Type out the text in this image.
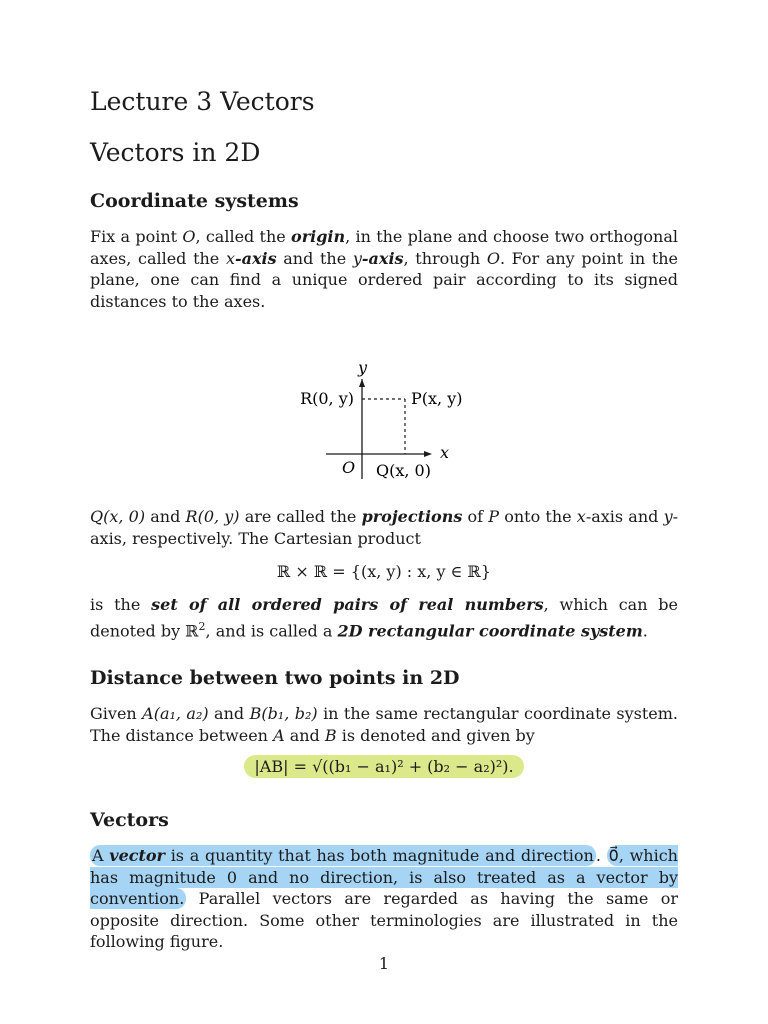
Lecture 3 Vectors
Vectors in 2D
Coordinate systems

Fix a point O, called the origin, in the plane and choose two orthogonal axes, called the x-axis and the y-axis, through O. For any point in the plane, one can find a unique ordered pair according to its signed distances to the axes.

y
x
R(0, y)	P(x, y)
O Q(x, 0)

Q(x, 0) and R(0, y) are called the projections of P onto the x-axis and y-axis, respectively. The Cartesian product

ℝ × ℝ = {(x, y) : x, y ∈ ℝ}

is the set of all ordered pairs of real numbers, which can be denoted by ℝ$^2$, and is called a 2D rectangular coordinate system.

Distance between two points in 2D

Given A(a₁, a₂) and B(b₁, b₂) in the same rectangular coordinate system. The distance between A and B is denoted and given by

|AB| = √((b₁ − a₁)² + (b₂ − a₂)²).
Vectors

A vector is a quantity that has both magnitude and direction . 0⃗, which has magnitude 0 and no direction, is also treated as a vector by convention. Parallel vectors are regarded as having the same or opposite direction. Some other terminologies are illustrated in the following figure.

1
